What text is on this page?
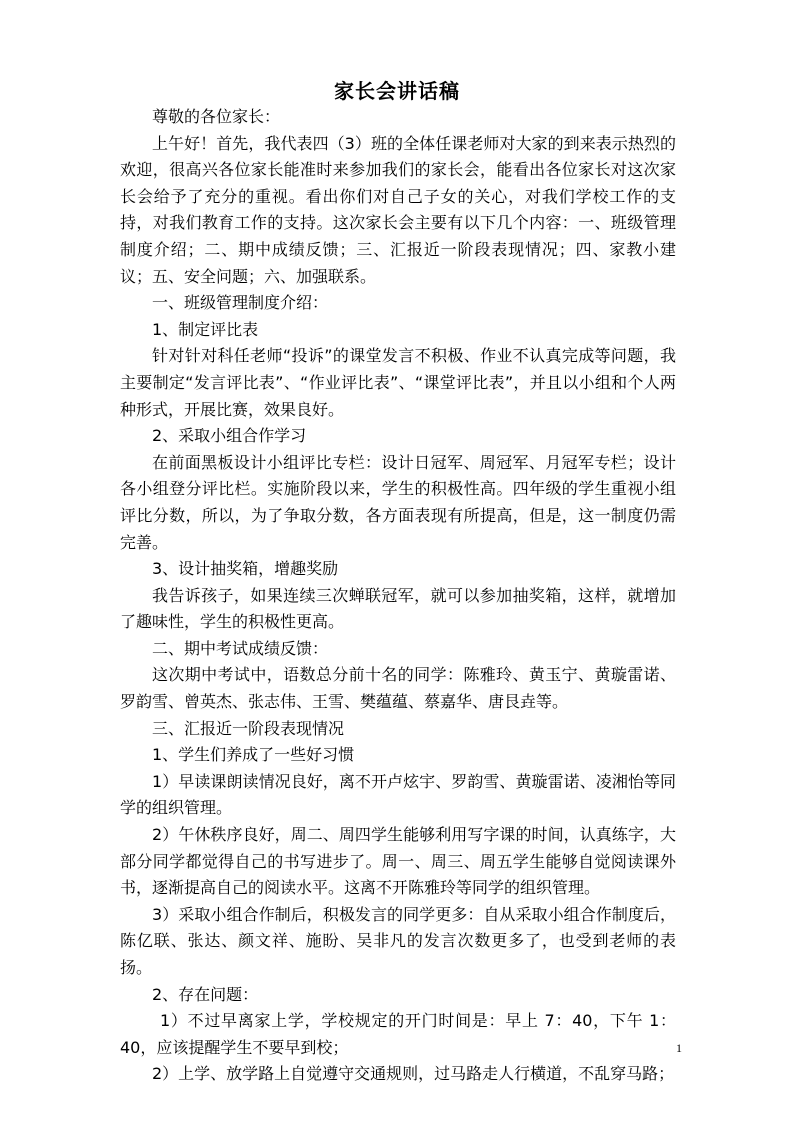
家长会讲话稿

尊敬的各位家长：

上午好！首先，我代表四（3）班的全体任课老师对大家的到来表示热烈的欢迎，很高兴各位家长能准时来参加我们的家长会，能看出各位家长对这次家长会给予了充分的重视。看出你们对自己子女的关心，对我们学校工作的支持，对我们教育工作的支持。这次家长会主要有以下几个内容：一、班级管理制度介绍；二、期中成绩反馈；三、汇报近一阶段表现情况；四、家教小建议；五、安全问题；六、加强联系。

一、班级管理制度介绍：

1、制定评比表

针对针对科任老师“投诉”的课堂发言不积极、作业不认真完成等问题，我主要制定“发言评比表”、“作业评比表”、“课堂评比表”，并且以小组和个人两种形式，开展比赛，效果良好。

2、采取小组合作学习

在前面黑板设计小组评比专栏：设计日冠军、周冠军、月冠军专栏；设计各小组登分评比栏。实施阶段以来，学生的积极性高。四年级的学生重视小组评比分数，所以，为了争取分数，各方面表现有所提高，但是，这一制度仍需完善。

3、设计抽奖箱，增趣奖励

我告诉孩子，如果连续三次蝉联冠军，就可以参加抽奖箱，这样，就增加了趣味性，学生的积极性更高。

二、期中考试成绩反馈：

这次期中考试中，语数总分前十名的同学：陈雅玲、黄玉宁、黄璇雷诺、罗韵雪、曾英杰、张志伟、王雪、樊蕴蕴、蔡嘉华、唐艮垚等。

三、汇报近一阶段表现情况

1、学生们养成了一些好习惯

1）早读课朗读情况良好，离不开卢炫宇、罗韵雪、黄璇雷诺、凌湘怡等同学的组织管理。

2）午休秩序良好，周二、周四学生能够利用写字课的时间，认真练字，大部分同学都觉得自己的书写进步了。周一、周三、周五学生能够自觉阅读课外书，逐渐提高自己的阅读水平。这离不开陈雅玲等同学的组织管理。

3）采取小组合作制后，积极发言的同学更多：自从采取小组合作制度后，陈亿联、张达、颜文祥、施盼、吴非凡的发言次数更多了，也受到老师的表扬。

2、存在问题：

1）不过早离家上学，学校规定的开门时间是：早上 7：40，下午 1：40，应该提醒学生不要早到校；

2）上学、放学路上自觉遵守交通规则，过马路走人行横道，不乱穿马路；

1
